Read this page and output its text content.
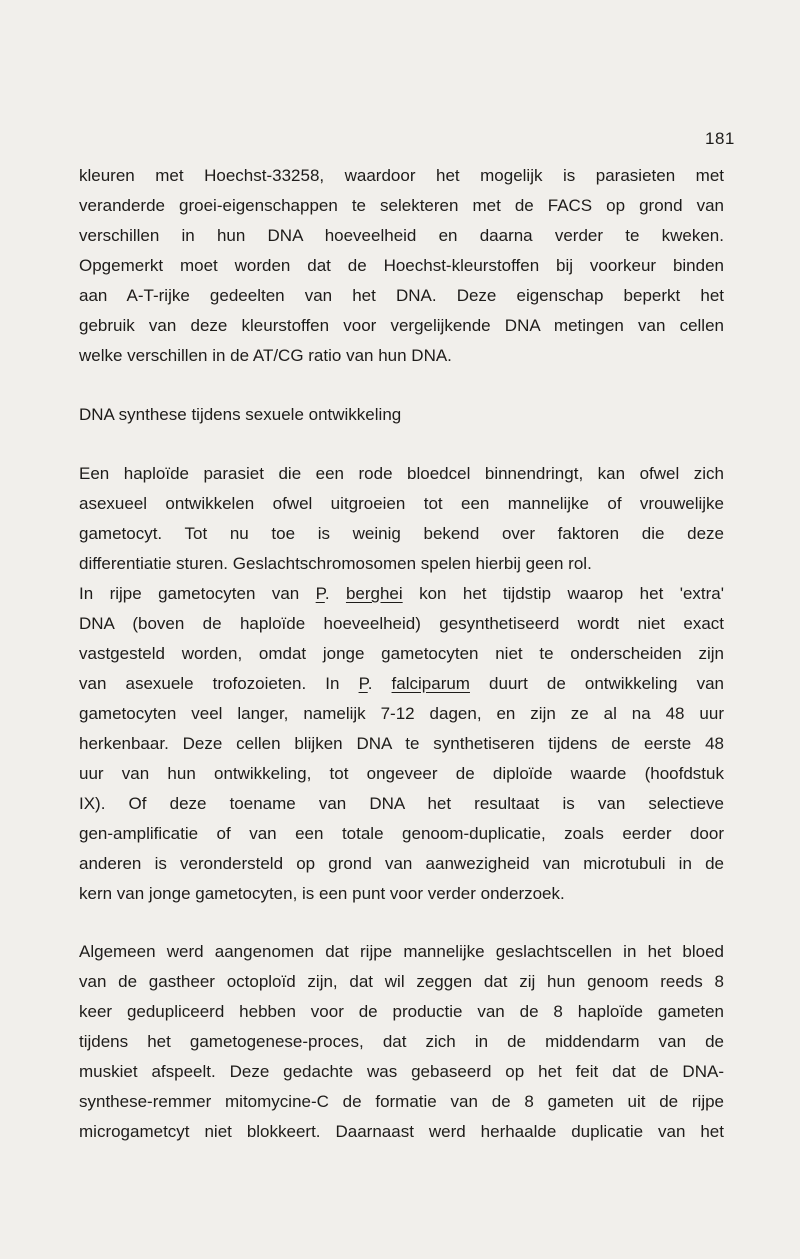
181
kleuren met Hoechst-33258, waardoor het mogelijk is parasieten met
veranderde groei-eigenschappen te selekteren met de FACS op grond van
verschillen in hun DNA hoeveelheid en daarna verder te kweken.
Opgemerkt moet worden dat de Hoechst-kleurstoffen bij voorkeur binden
aan A-T-rijke gedeelten van het DNA. Deze eigenschap beperkt het
gebruik van deze kleurstoffen voor vergelijkende DNA metingen van cellen
welke verschillen in de AT/CG ratio van hun DNA.
DNA synthese tijdens sexuele ontwikkeling
Een haploïde parasiet die een rode bloedcel binnendringt, kan ofwel zich
asexueel ontwikkelen ofwel uitgroeien tot een mannelijke of vrouwelijke
gametocyt. Tot nu toe is weinig bekend over faktoren die deze
differentiatie sturen. Geslachtschromosomen spelen hierbij geen rol.
In rijpe gametocyten van P. berghei kon het tijdstip waarop het 'extra'
DNA (boven de haploïde hoeveelheid) gesynthetiseerd wordt niet exact
vastgesteld worden, omdat jonge gametocyten niet te onderscheiden zijn
van asexuele trofozoieten. In P. falciparum duurt de ontwikkeling van
gametocyten veel langer, namelijk 7-12 dagen, en zijn ze al na 48 uur
herkenbaar. Deze cellen blijken DNA te synthetiseren tijdens de eerste 48
uur van hun ontwikkeling, tot ongeveer de diploïde waarde (hoofdstuk
IX). Of deze toename van DNA het resultaat is van selectieve
gen-amplificatie of van een totale genoom-duplicatie, zoals eerder door
anderen is verondersteld op grond van aanwezigheid van microtubuli in de
kern van jonge gametocyten, is een punt voor verder onderzoek.
Algemeen werd aangenomen dat rijpe mannelijke geslachtscellen in het bloed
van de gastheer octoploïd zijn, dat wil zeggen dat zij hun genoom reeds 8
keer gedupliceerd hebben voor de productie van de 8 haploïde gameten
tijdens het gametogenese-proces, dat zich in de middendarm van de
muskiet afspeelt. Deze gedachte was gebaseerd op het feit dat de DNA-
synthese-remmer mitomycine-C de formatie van de 8 gameten uit de rijpe
microgametcyt niet blokkeert. Daarnaast werd herhaalde duplicatie van het
